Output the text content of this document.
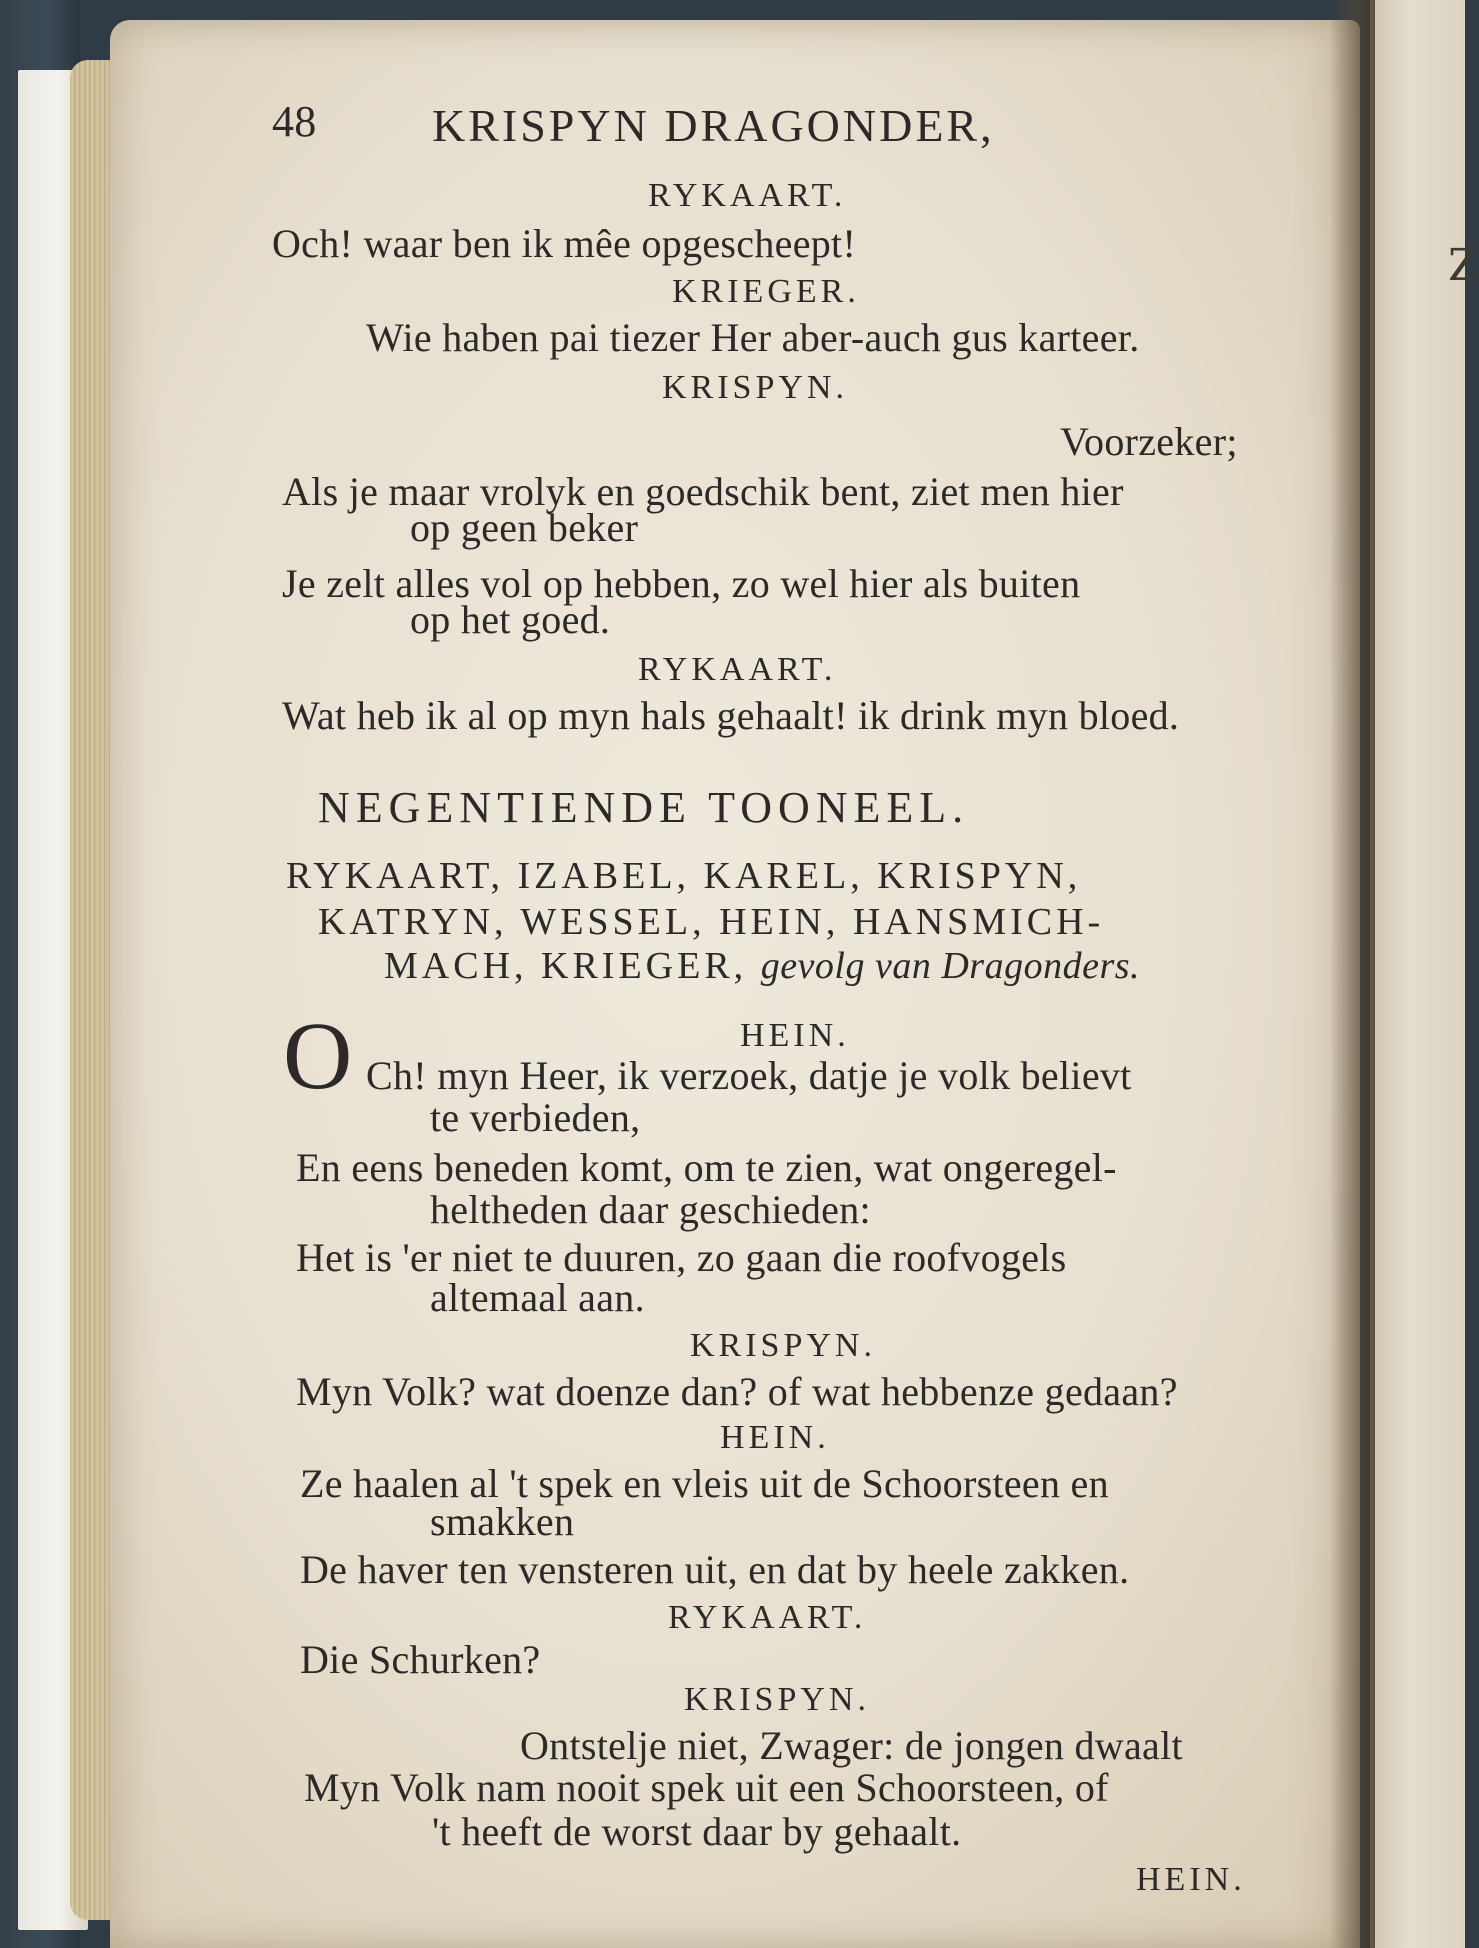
Z
48	KRISPYN DRAGONDER,
RYKAART.
Och! waar ben ik mêe opgescheept!
KRIEGER.
Wie haben pai tiezer Her aber-auch gus karteer.
KRISPYN.
Voorzeker;
Als je maar vrolyk en goedschik bent, ziet men hier
op geen beker
Je zelt alles vol op hebben, zo wel hier als buiten
op het goed.
RYKAART.
Wat heb ik al op myn hals gehaalt! ik drink myn bloed.
NEGENTIENDE TOONEEL.
RYKAART, IZABEL, KAREL, KRISPYN,
KATRYN, WESSEL, HEIN, HANSMICH-
MACH, KRIEGER, gevolg van Dragonders.
HEIN.
O Ch! myn Heer, ik verzoek, datje je volk believt
te verbieden,
En eens beneden komt, om te zien, wat ongeregel-
heltheden daar geschieden:
Het is 'er niet te duuren, zo gaan die roofvogels
altemaal aan.
KRISPYN.
Myn Volk? wat doenze dan? of wat hebbenze gedaan?
HEIN.
Ze haalen al 't spek en vleis uit de Schoorsteen en
smakken
De haver ten vensteren uit, en dat by heele zakken.
RYKAART.
Die Schurken?
KRISPYN.
Ontstelje niet, Zwager: de jongen dwaalt
Myn Volk nam nooit spek uit een Schoorsteen, of
't heeft de worst daar by gehaalt.
HEIN.
